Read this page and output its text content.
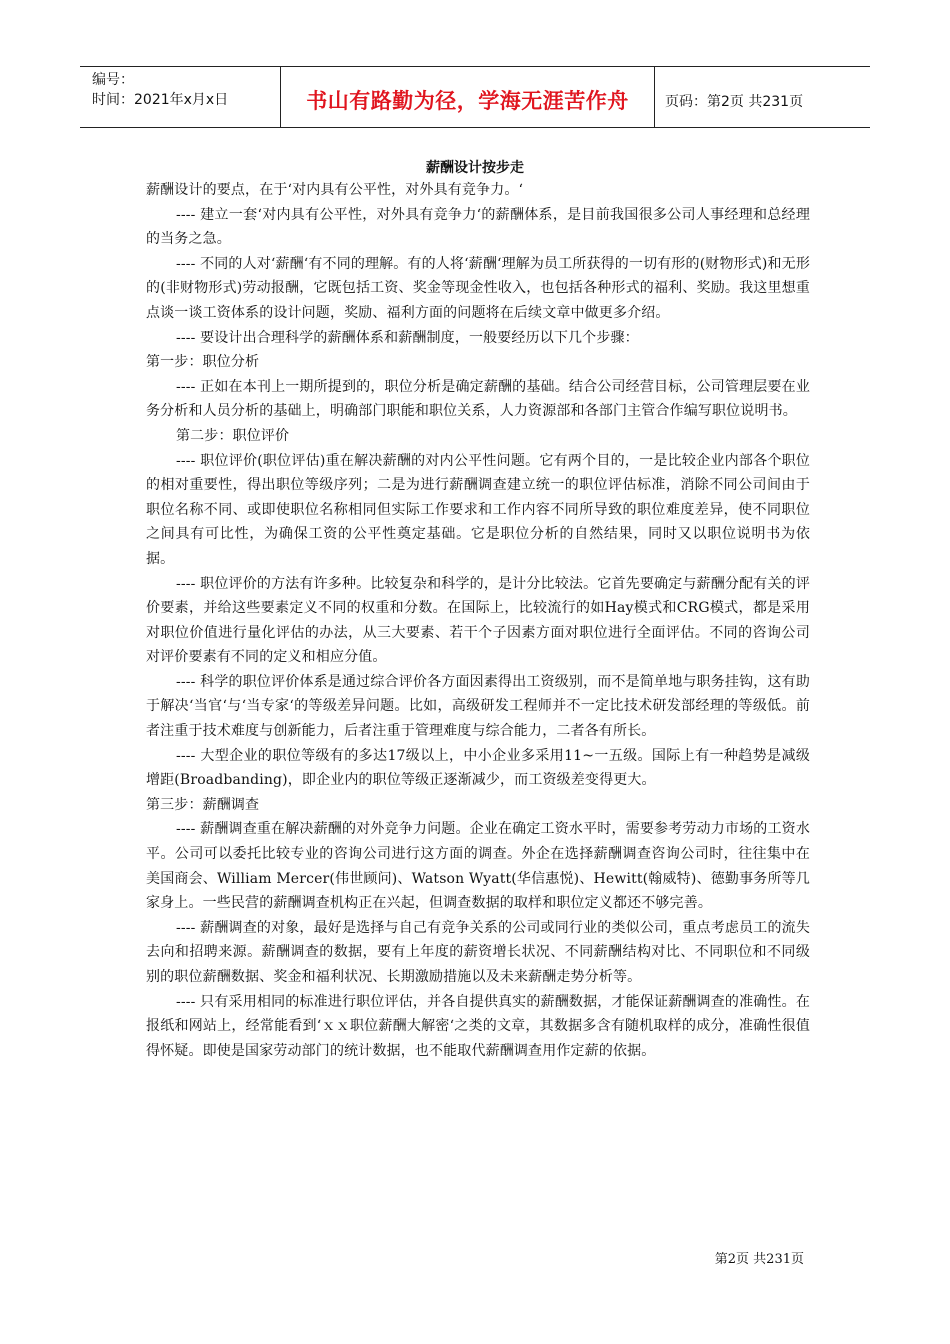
编号：
时间：2021年x月x日	书山有路勤为径，学海无涯苦作舟	页码：第2页 共231页
薪酬设计按步走

薪酬设计的要点，在于‘对内具有公平性，对外具有竞争力。‘

---- 建立一套‘对内具有公平性，对外具有竞争力‘的薪酬体系，是目前我国很多公司人事经理和总经理的当务之急。

---- 不同的人对‘薪酬‘有不同的理解。有的人将‘薪酬‘理解为员工所获得的一切有形的(财物形式)和无形的(非财物形式)劳动报酬，它既包括工资、奖金等现金性收入，也包括各种形式的福利、奖励。我这里想重点谈一谈工资体系的设计问题，奖励、福利方面的问题将在后续文章中做更多介绍。

---- 要设计出合理科学的薪酬体系和薪酬制度，一般要经历以下几个步骤：

第一步：职位分析

---- 正如在本刊上一期所提到的，职位分析是确定薪酬的基础。结合公司经营目标，公司管理层要在业务分析和人员分析的基础上，明确部门职能和职位关系，人力资源部和各部门主管合作编写职位说明书。

第二步：职位评价

---- 职位评价(职位评估)重在解决薪酬的对内公平性问题。它有两个目的，一是比较企业内部各个职位的相对重要性，得出职位等级序列；二是为进行薪酬调查建立统一的职位评估标准，消除不同公司间由于职位名称不同、或即使职位名称相同但实际工作要求和工作内容不同所导致的职位难度差异，使不同职位之间具有可比性，为确保工资的公平性奠定基础。它是职位分析的自然结果，同时又以职位说明书为依据。

---- 职位评价的方法有许多种。比较复杂和科学的，是计分比较法。它首先要确定与薪酬分配有关的评价要素，并给这些要素定义不同的权重和分数。在国际上，比较流行的如Hay模式和CRG模式，都是采用对职位价值进行量化评估的办法，从三大要素、若干个子因素方面对职位进行全面评估。不同的咨询公司对评价要素有不同的定义和相应分值。

---- 科学的职位评价体系是通过综合评价各方面因素得出工资级别，而不是简单地与职务挂钩，这有助于解决‘当官‘与‘当专家‘的等级差异问题。比如，高级研发工程师并不一定比技术研发部经理的等级低。前者注重于技术难度与创新能力，后者注重于管理难度与综合能力，二者各有所长。

---- 大型企业的职位等级有的多达17级以上，中小企业多采用11~一五级。国际上有一种趋势是减级增距(Broadbanding)，即企业内的职位等级正逐渐减少，而工资级差变得更大。

第三步：薪酬调查

---- 薪酬调查重在解决薪酬的对外竞争力问题。企业在确定工资水平时，需要参考劳动力市场的工资水平。公司可以委托比较专业的咨询公司进行这方面的调查。外企在选择薪酬调查咨询公司时，往往集中在美国商会、William Mercer(伟世顾问)、Watson Wyatt(华信惠悦)、Hewitt(翰威特)、德勤事务所等几家身上。一些民营的薪酬调查机构正在兴起，但调查数据的取样和职位定义都还不够完善。

---- 薪酬调查的对象，最好是选择与自己有竞争关系的公司或同行业的类似公司，重点考虑员工的流失去向和招聘来源。薪酬调查的数据，要有上年度的薪资增长状况、不同薪酬结构对比、不同职位和不同级别的职位薪酬数据、奖金和福利状况、长期激励措施以及未来薪酬走势分析等。

---- 只有采用相同的标准进行职位评估，并各自提供真实的薪酬数据，才能保证薪酬调查的准确性。在报纸和网站上，经常能看到‘ｘｘ职位薪酬大解密‘之类的文章，其数据多含有随机取样的成分，准确性很值得怀疑。即使是国家劳动部门的统计数据，也不能取代薪酬调查用作定薪的依据。

第2页 共231页
